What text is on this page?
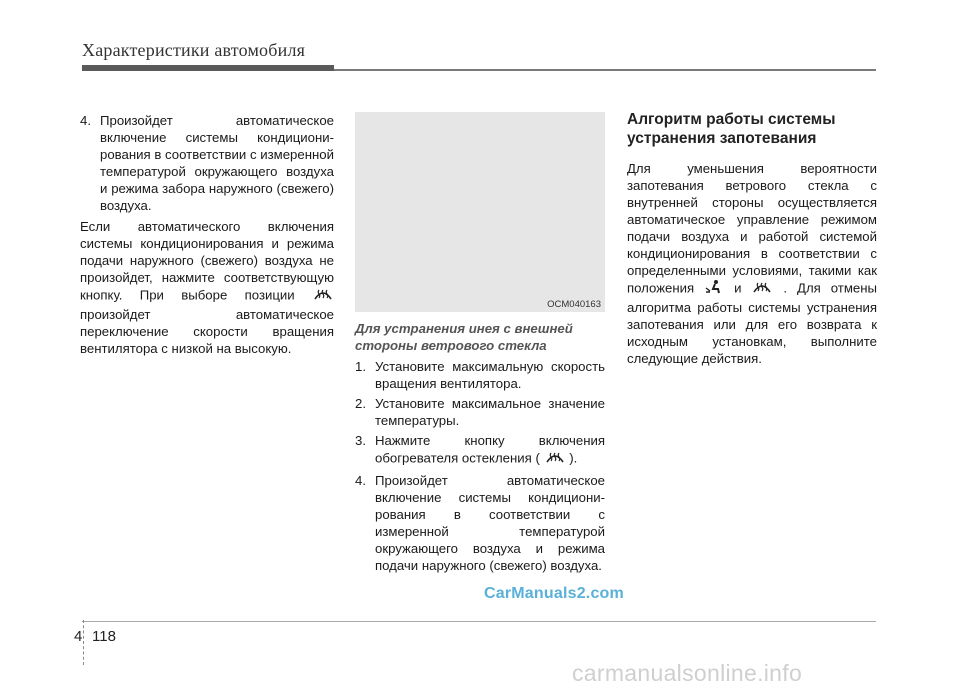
Характеристики автомобиля
4. Произойдет автоматическое включение системы кондициони-рования в соответствии с измеренной температурой окружающего воздуха и режима забора наружного (свежего) воздуха.
Если автоматического включения системы кондиционирования и режима подачи наружного (свежего) воздуха не произойдет, нажмите соответствующую кнопку. При выборе позиции  произойдет автоматическое переключение скорости вращения вентилятора с низкой на высокую.
OCM040163
Для устранения инея с внешней стороны ветрового стекла
1. Установите максимальную скорость вращения вентилятора.
2. Установите максимальное значение температуры.
3. Нажмите кнопку включения обогревателя остекления ( ).
4. Произойдет автоматическое включение системы кондициони-рования в соответствии с измеренной температурой окружающего воздуха и режима подачи наружного (свежего) воздуха.
Алгоритм работы системы устранения запотевания
Для уменьшения вероятности запотевания ветрового стекла с внутренней стороны осуществляется автоматическое управление режимом подачи воздуха и работой системой кондиционирования в соответствии с определенными условиями, такими как положения	и	. Для отмены алгоритма работы системы устранения запотевания или для его возврата к исходным установкам, выполните следующие действия.
CarManuals2.com
4 118
carmanualsonline.info
